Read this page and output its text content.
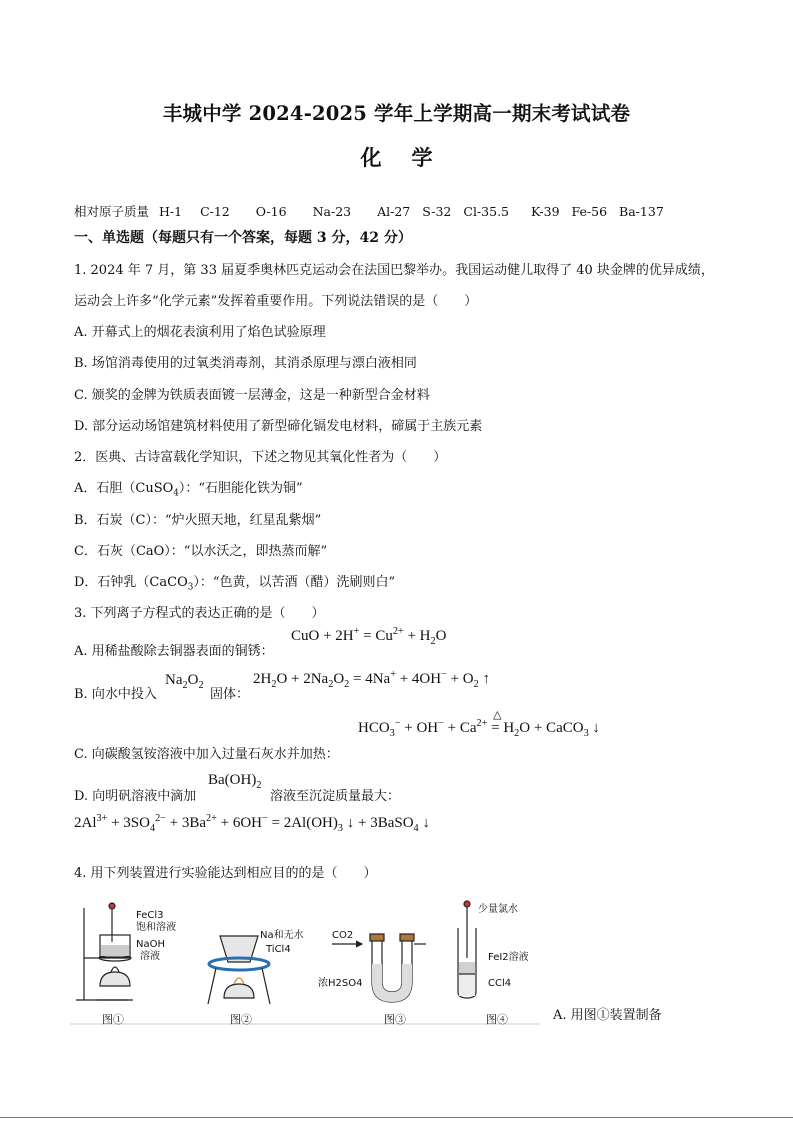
丰城中学 2024-2025 学年上学期高一期末考试试卷
化学
相对原子质量 H-1 C-12 O-16 Na-23 Al-27 S-32 Cl-35.5 K-39 Fe-56 Ba-137
一、单选题（每题只有一个答案，每题 3 分，42 分）
1. 2024 年 7 月，第 33 届夏季奥林匹克运动会在法国巴黎举办。我国运动健儿取得了 40 块金牌的优异成绩，
运动会上许多“化学元素”发挥着重要作用。下列说法错误的是（　　）
A. 开幕式上的烟花表演利用了焰色试验原理
B. 场馆消毒使用的过氧类消毒剂，其消杀原理与漂白液相同
C. 颁奖的金牌为铁质表面镀一层薄金，这是一种新型合金材料
D. 部分运动场馆建筑材料使用了新型碲化镉发电材料，碲属于主族元素
2．医典、古诗富载化学知识，下述之物见其氧化性者为（　　）
A．石胆（CuSO$_4$）：“石胆能化铁为铜”
B．石炭（C）：“炉火照天地，红星乱紫烟”
C．石灰（CaO）：“以水沃之，即热蒸而解”
D．石钟乳（CaCO$_3$）：“色黄，以苦酒（醋）洗刷则白”
3. 下列离子方程式的表达正确的是（　　）
A. 用稀盐酸除去铜器表面的铜锈：
CuO + $2H^+ = Cu^{2+} + H_2O$
B. 向水中投入
$Na_2O_2$
固体：
$2H_2O + 2Na_2O_2 = 4Na^+ + 4OH^- + O_2$ ↑
$HCO_3^- + OH^- + Ca^{2+}$
△
= $H_2O$ + CaCO$_3$ ↓
C. 向碳酸氢铵溶液中加入过量石灰水并加热：
D. 向明矾溶液中滴加
$Ba(OH)_2$
溶液至沉淀质量最大：
$2Al^{3+} + 3SO_4^{2-} + 3Ba^{2+} + 6OH^- = 2Al(OH)_3$ ↓ + 3BaSO$_4$ ↓
4. 用下列装置进行实验能达到相应目的的是（　　）
FeCl3
饱和溶液
NaOH
溶液
Na和无水
TiCl4
CO2
浓H2SO4
少量氯水
FeI2溶液
CCl4
图①	图②	图③	图④	A. 用图①装置制备
